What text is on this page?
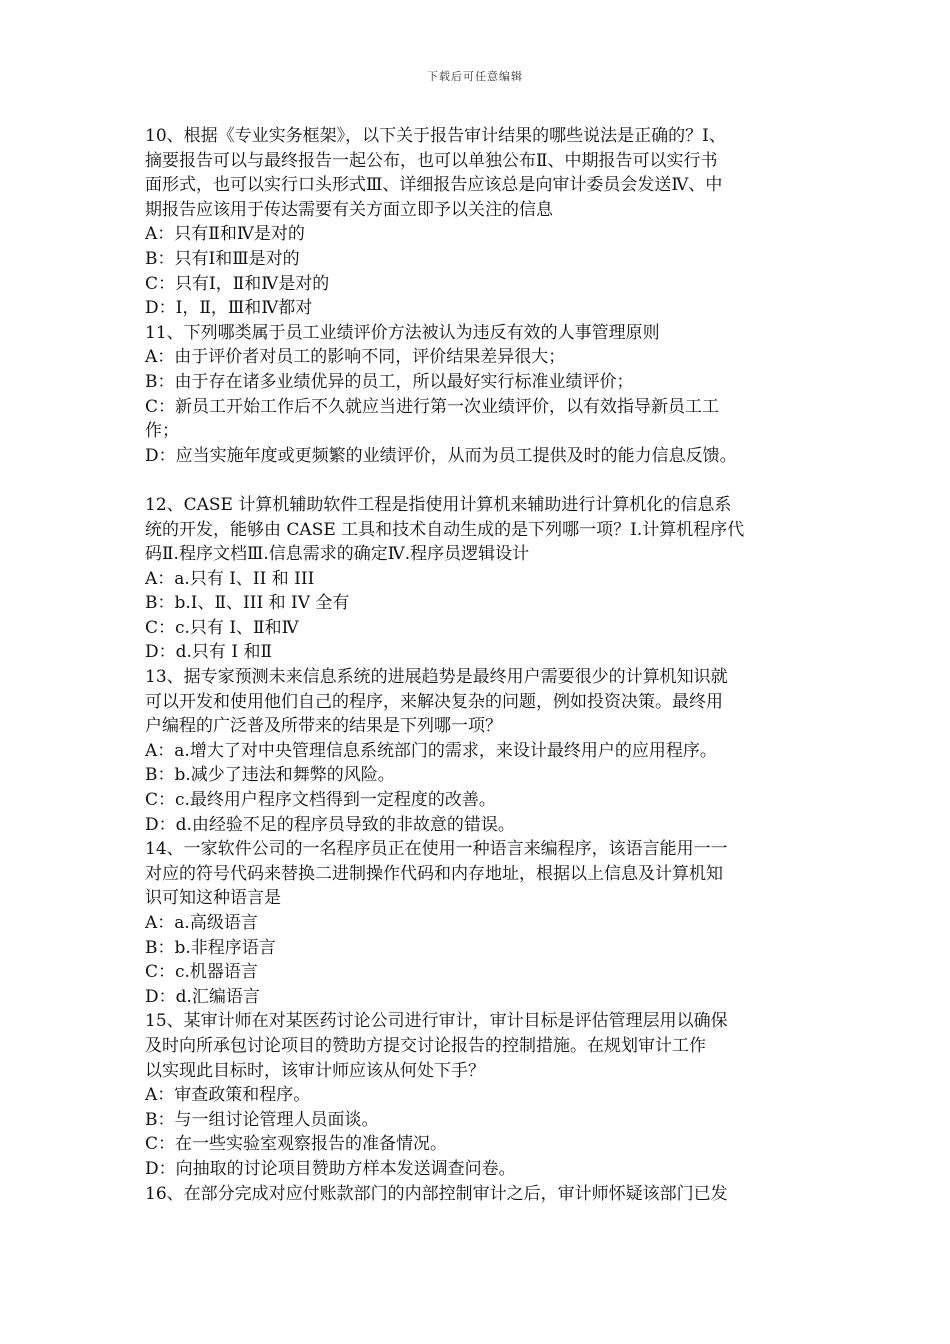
下载后可任意编辑
10、根据《专业实务框架》，以下关于报告审计结果的哪些说法是正确的？Ⅰ、
摘要报告可以与最终报告一起公布，也可以单独公布Ⅱ、中期报告可以实行书
面形式，也可以实行口头形式Ⅲ、详细报告应该总是向审计委员会发送Ⅳ、中
期报告应该用于传达需要有关方面立即予以关注的信息
A：只有Ⅱ和Ⅳ是对的
B：只有Ⅰ和Ⅲ是对的
C：只有Ⅰ，Ⅱ和Ⅳ是对的
D：Ⅰ，Ⅱ，Ⅲ和Ⅳ都对
11、下列哪类属于员工业绩评价方法被认为违反有效的人事管理原则
A：由于评价者对员工的影响不同，评价结果差异很大；
B：由于存在诸多业绩优异的员工，所以最好实行标准业绩评价；
C：新员工开始工作后不久就应当进行第一次业绩评价，以有效指导新员工工
作；
D：应当实施年度或更频繁的业绩评价，从而为员工提供及时的能力信息反馈。
12、CASE 计算机辅助软件工程是指使用计算机来辅助进行计算机化的信息系
统的开发，能够由 CASE 工具和技术自动生成的是下列哪一项？Ⅰ.计算机程序代
码Ⅱ.程序文档Ⅲ.信息需求的确定Ⅳ.程序员逻辑设计
A：a.只有 I、II 和 III
B：b.I、Ⅱ、III 和 IV 全有
C：c.只有 I、Ⅱ和Ⅳ
D：d.只有 I 和Ⅱ
13、据专家预测未来信息系统的进展趋势是最终用户需要很少的计算机知识就
可以开发和使用他们自己的程序，来解决复杂的问题，例如投资决策。最终用
户编程的广泛普及所带来的结果是下列哪一项？
A：a.增大了对中央管理信息系统部门的需求，来设计最终用户的应用程序。
B：b.减少了违法和舞弊的风险。
C：c.最终用户程序文档得到一定程度的改善。
D：d.由经验不足的程序员导致的非故意的错误。
14、一家软件公司的一名程序员正在使用一种语言来编程序，该语言能用一一
对应的符号代码来替换二进制操作代码和内存地址，根据以上信息及计算机知
识可知这种语言是
A：a.高级语言
B：b.非程序语言
C：c.机器语言
D：d.汇编语言
15、某审计师在对某医药讨论公司进行审计，审计目标是评估管理层用以确保
及时向所承包讨论项目的赞助方提交讨论报告的控制措施。在规划审计工作
以实现此目标时，该审计师应该从何处下手？
A：审查政策和程序。
B：与一组讨论管理人员面谈。
C：在一些实验室观察报告的准备情况。
D：向抽取的讨论项目赞助方样本发送调查问卷。
16、在部分完成对应付账款部门的内部控制审计之后，审计师怀疑该部门已发
